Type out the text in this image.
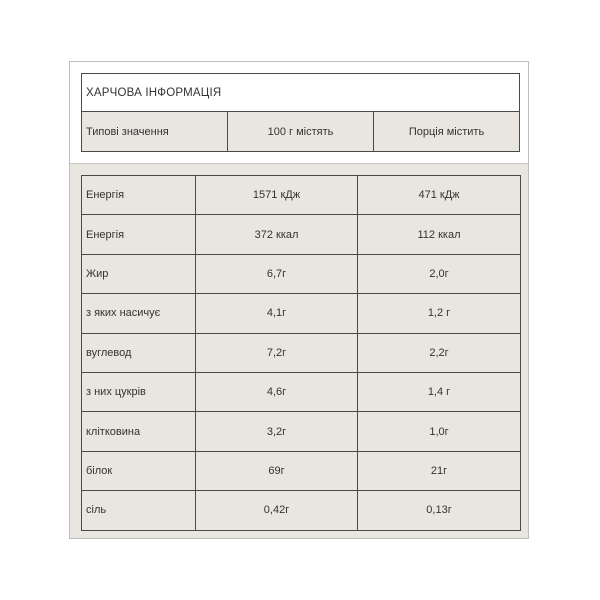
ХАРЧОВА ІНФОРМАЦІЯ
Типові значення	100 г містять	Порція містить
Енергія	1571 кДж	471 кДж
Енергія	372 ккал	112 ккал
Жир	6,7г	2,0г
з яких насичує	4,1г	1,2 г
вуглевод	7,2г	2,2г
з них цукрів	4,6г	1,4 г
клітковина	3,2г	1,0г
білок	69г	21г
сіль	0,42г	0,13г
